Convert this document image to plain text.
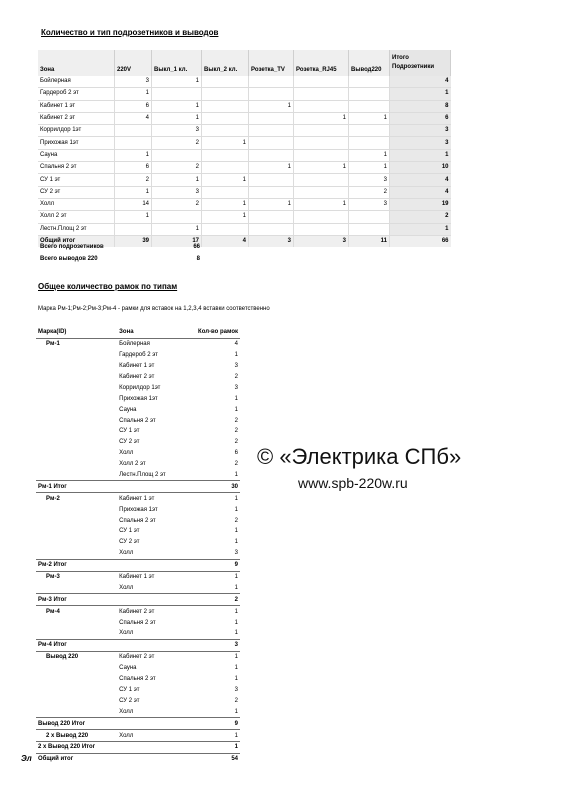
Количество и тип подрозетников и выводов
Зона	220V	Выкл_1 кл.	Выкл_2 кл.	Розетка_TV	Розетка_RJ45	Вывод220	Итого
Подрозетники
Бойлерная	3	1					4
Гардероб 2 эт	1						1
Кабинет 1 эт	6	1		1			8
Кабинет 2 эт	4	1			1	1	6
Коррилдор 1эт		3					3
Прихожая 1эт		2	1				3
Сауна	1					1	1
Спальня 2 эт	6	2		1	1	1	10
СУ 1 эт	2	1	1			3	4
СУ 2 эт	1	3				2	4
Холл	14	2	1	1	1	3	19
Холл 2 эт	1		1				2
Лестн.Площ 2 эт		1					1
Общий итог	39	17	4	3	3	11	66
Всего подрозетников	66
Всего выводов 220	8
Общее количество рамок по типам
Марка Рм-1;Рм-2;Рм-3;Рм-4 - рамки для вставок на 1,2,3,4 вставки соответственно
Марка(ID)	Зона	Кол-во рамок
Рм-1	Бойлерная	4
	Гардероб 2 эт	1
	Кабинет 1 эт	3
	Кабинет 2 эт	2
	Коррилдор 1эт	3
	Прихожая 1эт	1
	Сауна	1
	Спальня 2 эт	2
	СУ 1 эт	2
	СУ 2 эт	2
	Холл	6
	Холл 2 эт	2
	Лестн.Площ 2 эт	1
Рм-1 Итог		30
Рм-2	Кабинет 1 эт	1
	Прихожая 1эт	1
	Спальня 2 эт	2
	СУ 1 эт	1
	СУ 2 эт	1
	Холл	3
Рм-2 Итог		9
Рм-3	Кабинет 1 эт	1
	Холл	1
Рм-3 Итог		2
Рм-4	Кабинет 2 эт	1
	Спальня 2 эт	1
	Холл	1
Рм-4 Итог		3
Вывод 220	Кабинет 2 эт	1
	Сауна	1
	Спальня 2 эт	1
	СУ 1 эт	3
	СУ 2 эт	2
	Холл	1
Вывод 220 Итог		9
2 x Вывод 220	Холл	1
2 x Вывод 220 Итог		1
Общий итог		54
© «Электрика СПб»
www.spb-220w.ru
Эл
